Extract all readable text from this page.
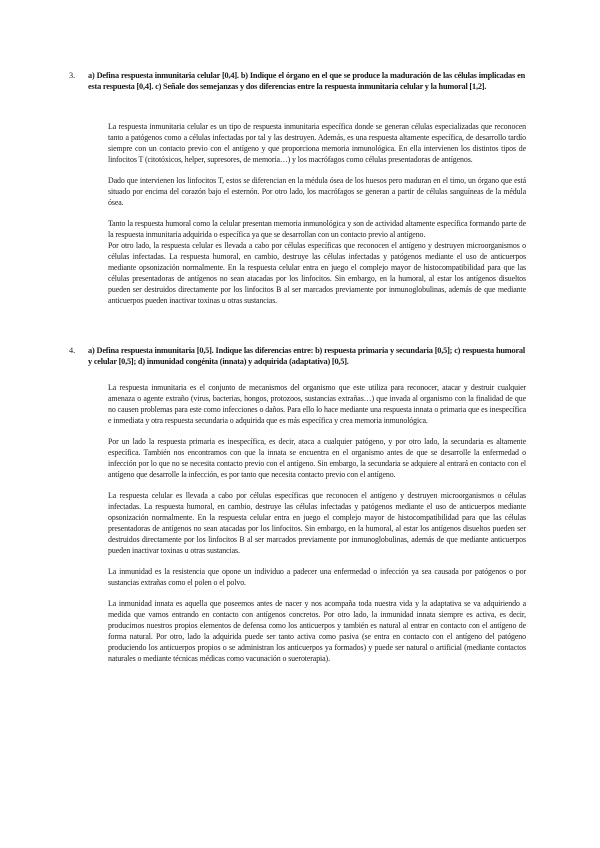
3. a) Defina respuesta inmunitaria celular [0,4]. b) Indique el órgano en el que se produce la maduración de las células implicadas en esta respuesta [0,4]. c) Señale dos semejanzas y dos diferencias entre la respuesta inmunitaria celular y la humoral [1,2].

La respuesta inmunitaria celular es un tipo de respuesta inmunitaria específica donde se generan células especializadas que reconocen tanto a patógenos como a células infectadas por tal y las destruyen. Además, es una respuesta altamente específica, de desarrollo tardío siempre con un contacto previo con el antígeno y que proporciona memoria inmunológica. En ella intervienen los distintos tipos de linfocitos T (citotóxicos, helper, supresores, de memoria…) y los macrófagos como células presentadoras de antígenos.

Dado que intervienen los linfocitos T, estos se diferencian en la médula ósea de los huesos pero maduran en el timo, un órgano que está situado por encima del corazón bajo el esternón. Por otro lado, los macrófagos se generan a partir de células sanguíneas de la médula ósea.

Tanto la respuesta humoral como la celular presentan memoria inmunológica y son de actividad altamente específica formando parte de la respuesta inmunitaria adquirida o específica ya que se desarrollan con un contacto previo al antígeno.

Por otro lado, la respuesta celular es llevada a cabo por células específicas que reconocen el antígeno y destruyen microorganismos o células infectadas. La respuesta humoral, en cambio, destruye las células infectadas y patógenos mediante el uso de anticuerpos mediante opsonización normalmente. En la respuesta celular entra en juego el complejo mayor de histocompatibilidad para que las células presentadoras de antígenos no sean atacadas por los linfocitos. Sin embargo, en la humoral, al estar los antígenos disueltos pueden ser destruidos directamente por los linfocitos B al ser marcados previamente por inmunoglobulinas, además de que mediante anticuerpos pueden inactivar toxinas u otras sustancias.

4. a) Defina respuesta inmunitaria [0,5]. Indique las diferencias entre: b) respuesta primaria y secundaria [0,5]; c) respuesta humoral y celular [0,5]; d) inmunidad congénita (innata) y adquirida (adaptativa) [0,5].

La respuesta inmunitaria es el conjunto de mecanismos del organismo que este utiliza para reconocer, atacar y destruir cualquier amenaza o agente extraño (virus, bacterias, hongos, protozoos, sustancias extrañas…) que invada al organismo con la finalidad de que no causen problemas para este como infecciones o daños. Para ello lo hace mediante una respuesta innata o primaria que es inespecífica e inmediata y otra respuesta secundaria o adquirida que es más específica y crea memoria inmunológica.

Por un lado la respuesta primaria es inespecífica, es decir, ataca a cualquier patógeno, y por otro lado, la secundaria es altamente específica. También nos encontramos con que la innata se encuentra en el organismo antes de que se desarrolle la enfermedad o infección por lo que no se necesita contacto previo con el antígeno. Sin embargo, la secundaria se adquiere al entrará en contacto con el antígeno que desarrolle la infección, es por tanto que necesita contacto previo con el antígeno.

La respuesta celular es llevada a cabo por células específicas que reconocen el antígeno y destruyen microorganismos o células infectadas. La respuesta humoral, en cambio, destruye las células infectadas y patógenos mediante el uso de anticuerpos mediante opsonización normalmente. En la respuesta celular entra en juego el complejo mayor de histocompatibilidad para que las células presentadoras de antígenos no sean atacadas por los linfocitos. Sin embargo, en la humoral, al estar los antígenos disueltos pueden ser destruidos directamente por los linfocitos B al ser marcados previamente por inmunoglobulinas, además de que mediante anticuerpos pueden inactivar toxinas u otras sustancias.

La inmunidad es la resistencia que opone un individuo a padecer una enfermedad o infección ya sea causada por patógenos o por sustancias extrañas como el polen o el polvo.

La inmunidad innata es aquella que poseemos antes de nacer y nos acompaña toda nuestra vida y la adaptativa se va adquiriendo a medida que vamos entrando en contacto con antígenos concretos. Por otro lado, la inmunidad innata siempre es activa, es decir, producimos nuestros propios elementos de defensa como los anticuerpos y también es natural al entrar en contacto con el antígeno de forma natural. Por otro, lado la adquirida puede ser tanto activa como pasiva (se entra en contacto con el antígeno del patógeno produciendo los anticuerpos propios o se administran los anticuerpos ya formados) y puede ser natural o artificial (mediante contactos naturales o mediante técnicas médicas como vacunación o sueroterapia).
